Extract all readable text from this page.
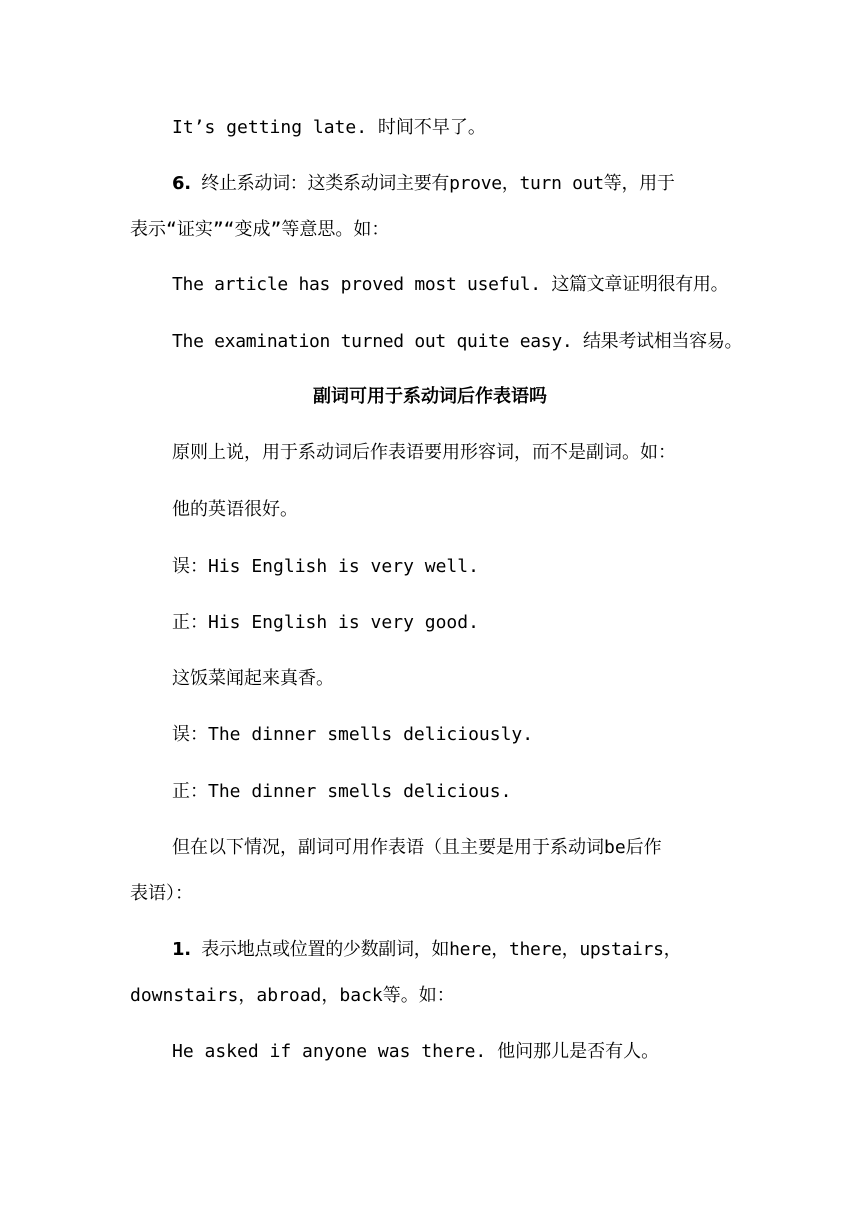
It’s getting late. 时间不早了。
6. 终止系动词：这类系动词主要有prove，turn out等，用于
表示“证实”“变成”等意思。如：
The article has proved most useful. 这篇文章证明很有用。
The examination turned out quite easy. 结果考试相当容易。
副词可用于系动词后作表语吗
原则上说，用于系动词后作表语要用形容词，而不是副词。如：
他的英语很好。
误：His English is very well.
正：His English is very good.
这饭菜闻起来真香。
误：The dinner smells deliciously.
正：The dinner smells delicious.
但在以下情况，副词可用作表语（且主要是用于系动词be后作
表语）：
1. 表示地点或位置的少数副词，如here，there，upstairs，
downstairs，abroad，back等。如：
He asked if anyone was there. 他问那儿是否有人。
